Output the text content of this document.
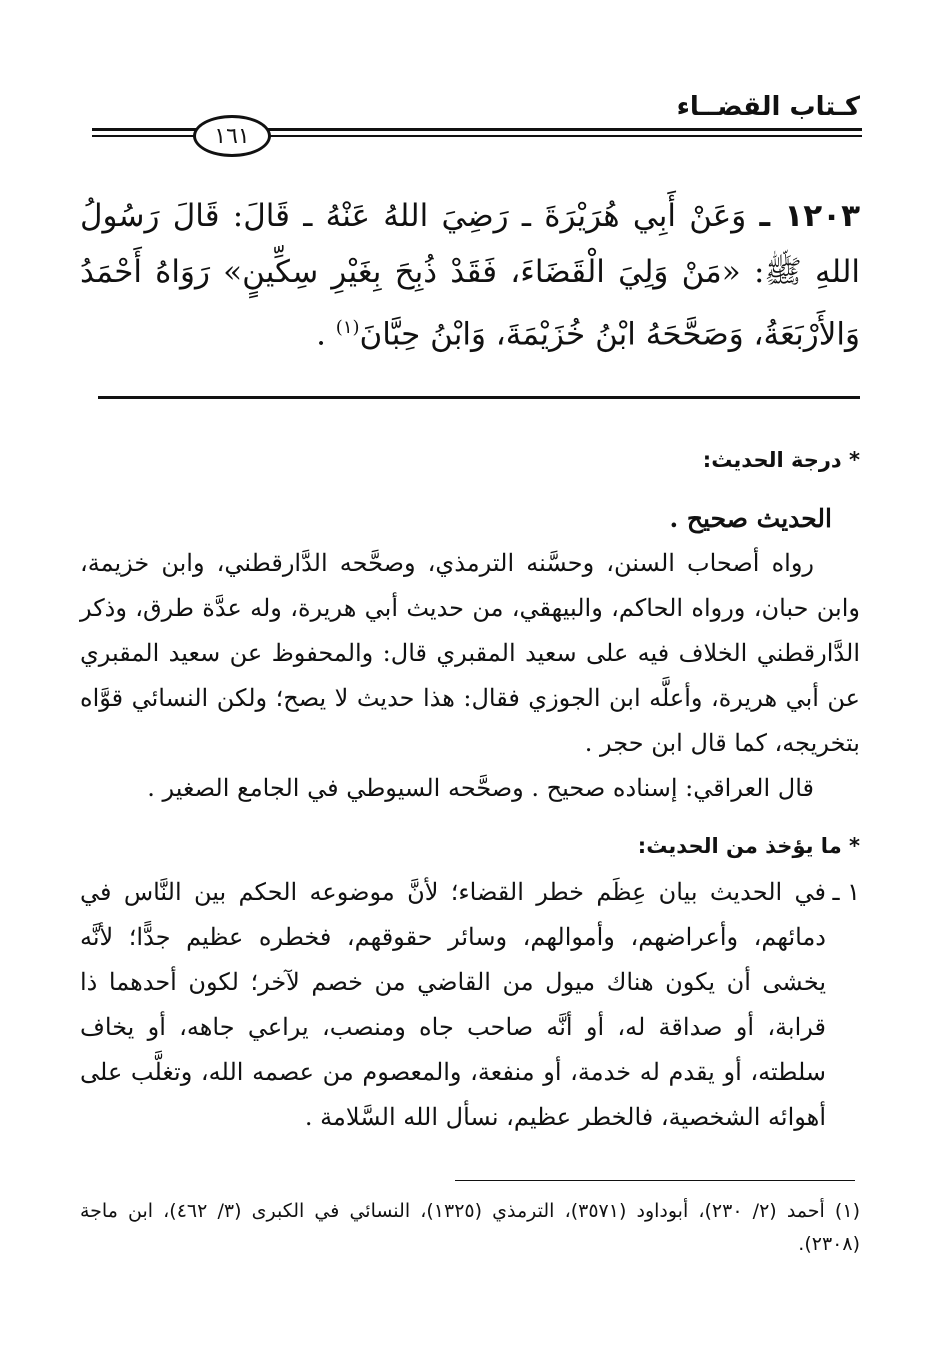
كـتاب القضــاء
١٦١
١٢٠٣ ـ وَعَنْ أَبِي هُرَيْرَةَ ـ رَضِيَ اللهُ عَنْهُ ـ قَالَ: قَالَ رَسُولُ اللهِ ﷺ: «مَنْ وَلِيَ الْقَضَاءَ، فَقَدْ ذُبِحَ بِغَيْرِ سِكِّينٍ» رَوَاهُ أَحْمَدُ وَالأَرْبَعَةُ، وَصَحَّحَهُ ابْنُ خُزَيْمَةَ، وَابْنُ حِبَّانَ$^{(١)}$ .
* درجة الحديث:
الحديث صحيح .
رواه أصحاب السنن، وحسَّنه الترمذي، وصحَّحه الدَّارقطني، وابن خزيمة، وابن حبان، ورواه الحاكم، والبيهقي، من حديث أبي هريرة، وله عدَّة طرق، وذكر الدَّارقطني الخلاف فيه على سعيد المقبري قال: والمحفوظ عن سعيد المقبري عن أبي هريرة، وأعلَّه ابن الجوزي فقال: هذا حديث لا يصح؛ ولكن النسائي قوَّاه بتخريجه، كما قال ابن حجر .
قال العراقي: إسناده صحيح . وصحَّحه السيوطي في الجامع الصغير .
* ما يؤخذ من الحديث:
١ ـ
في الحديث بيان عِظَم خطر القضاء؛ لأنَّ موضوعه الحكم بين النَّاس في دمائهم، وأعراضهم، وأموالهم، وسائر حقوقهم، فخطره عظيم جدًّا؛ لأنَّه يخشى أن يكون هناك ميول من القاضي من خصم لآخر؛ لكون أحدهما ذا قرابة، أو صداقة له، أو أنَّه صاحب جاه ومنصب، يراعي جاهه، أو يخاف سلطته، أو يقدم له خدمة، أو منفعة، والمعصوم من عصمه الله، وتغلَّب على أهوائه الشخصية، فالخطر عظيم، نسأل الله السَّلامة .
(١) أحمد (٢/ ٢٣٠)، أبوداود (٣٥٧١)، الترمذي (١٣٢٥)، النسائي في الكبرى (٣/ ٤٦٢)، ابن ماجة (٢٣٠٨).
